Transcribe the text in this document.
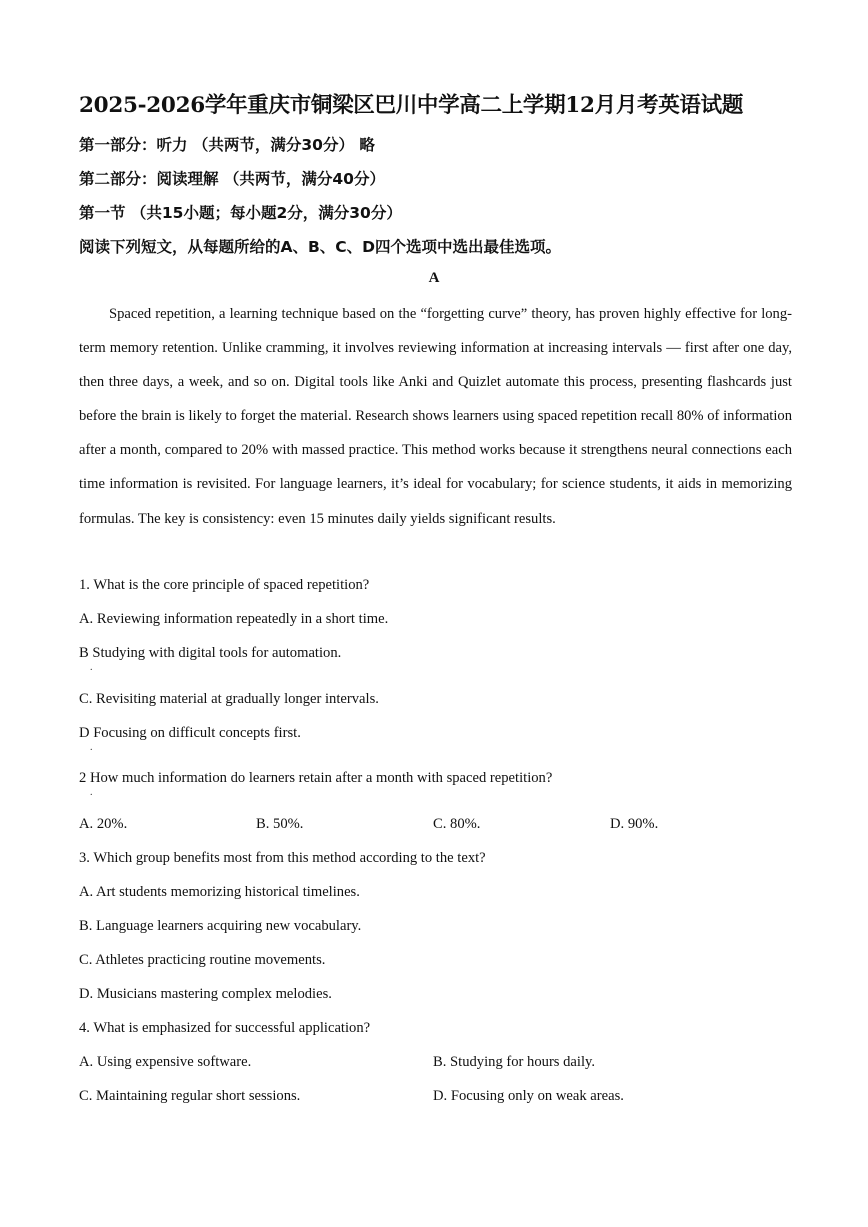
2025-2026学年重庆市铜梁区巴川中学高二上学期12月月考英语试题
第一部分：听力 （共两节，满分30分） 略
第二部分：阅读理解 （共两节，满分40分）
第一节 （共15小题；每小题2分，满分30分）
阅读下列短文，从每题所给的A、B、C、D四个选项中选出最佳选项。
A

Spaced repetition, a learning technique based on the “forgetting curve” theory, has proven highly effective for long-term memory retention. Unlike cramming, it involves reviewing information at increasing intervals — first after one day, then three days, a week, and so on. Digital tools like Anki and Quizlet automate this process, presenting flashcards just before the brain is likely to forget the material. Research shows learners using spaced repetition recall 80% of information after a month, compared to 20% with massed practice. This method works because it strengthens neural connections each time information is revisited. For language learners, it’s ideal for vocabulary; for science students, it aids in memorizing formulas. The key is consistency: even 15 minutes daily yields significant results.

1. What is the core principle of spaced repetition?
A. Reviewing information repeatedly in a short time.
B Studying with digital tools for automation.
.
C. Revisiting material at gradually longer intervals.
D Focusing on difficult concepts first.
.
2 How much information do learners retain after a month with spaced repetition?
.
A. 20%.	B. 50%.	C. 80%.	D. 90%.
3. Which group benefits most from this method according to the text?
A. Art students memorizing historical timelines.
B. Language learners acquiring new vocabulary.
C. Athletes practicing routine movements.
D. Musicians mastering complex melodies.
4. What is emphasized for successful application?
A. Using expensive software.	B. Studying for hours daily.
C. Maintaining regular short sessions.	D. Focusing only on weak areas.
